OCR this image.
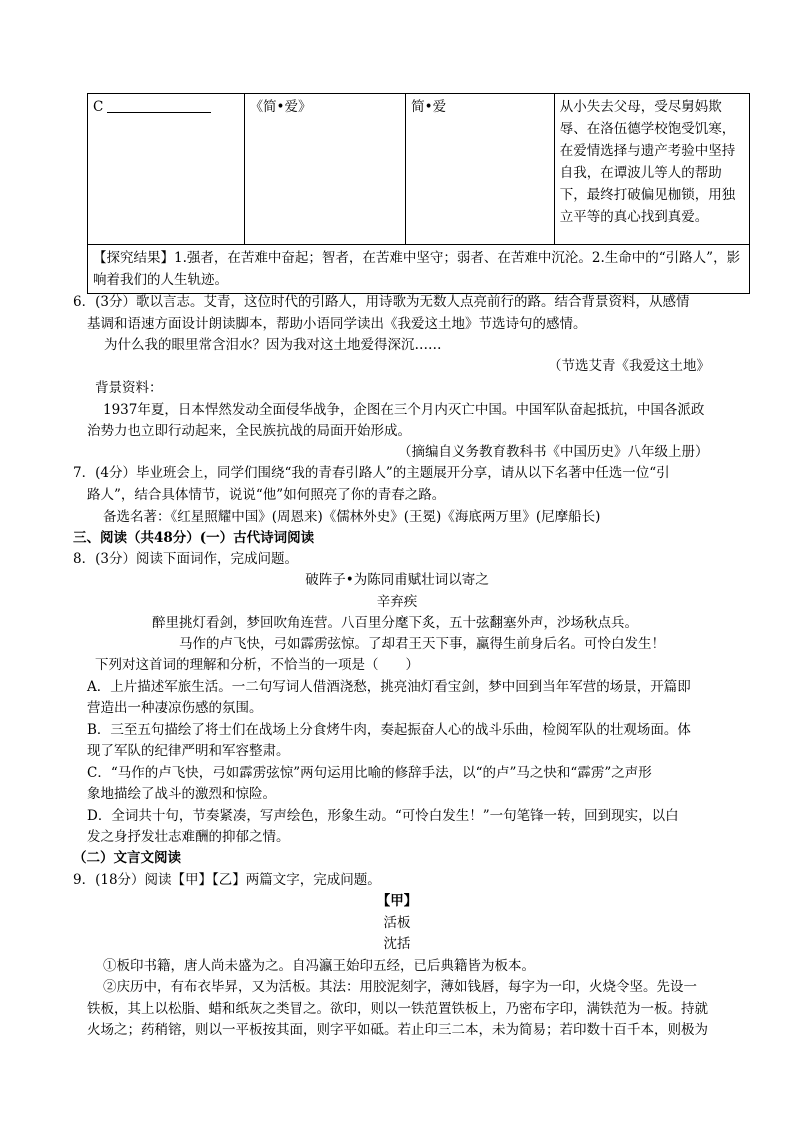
C	《简•爱》	简•爱	从小失去父母，受尽舅妈欺辱、在洛伍德学校饱受饥寒，在爱情选择与遗产考验中坚持自我，在谭波儿等人的帮助下，最终打破偏见枷锁，用独立平等的真心找到真爱。
【探究结果】1.强者，在苦难中奋起；智者，在苦难中坚守；弱者、在苦难中沉沦。2.生命中的“引路人”，影响着我们的人生轨迹。
6．(3分）歌以言志。艾青，这位时代的引路人，用诗歌为无数人点亮前行的路。结合背景资料，从感情
基调和语速方面设计朗读脚本，帮助小语同学读出《我爱这土地》节选诗句的感情。
为什么我的眼里常含泪水？因为我对这土地爱得深沉……
（节选艾青《我爱这土地》
背景资料：
1937年夏，日本悍然发动全面侵华战争，企图在三个月内灭亡中国。中国军队奋起抵抗，中国各派政
治势力也立即行动起来，全民族抗战的局面开始形成。
（摘编自义务教育教科书《中国历史》八年级上册）
7．(4分）毕业班会上，同学们围绕“我的青春引路人”的主题展开分享，请从以下名著中任选一位“引
路人”，结合具体情节，说说“他”如何照亮了你的青春之路。
备选名著：《红星照耀中国》(周恩来)《儒林外史》(王冕)《海底两万里》(尼摩船长)
三、阅读（共48分）(一）古代诗词阅读
8．(3分）阅读下面词作，完成问题。
破阵子•为陈同甫赋壮词以寄之
辛弃疾
醉里挑灯看剑，梦回吹角连营。八百里分麾下炙，五十弦翻塞外声，沙场秋点兵。
马作的卢飞快，弓如霹雳弦惊。了却君王天下事，赢得生前身后名。可怜白发生！
下列对这首词的理解和分析，不恰当的一项是（　　）
A．上片描述军旅生活。一二句写词人借酒浇愁，挑亮油灯看宝剑，梦中回到当年军营的场景，开篇即
营造出一种凄凉伤感的氛围。
B．三至五句描绘了将士们在战场上分食烤牛肉，奏起振奋人心的战斗乐曲，检阅军队的壮观场面。体
现了军队的纪律严明和军容整肃。
C．“马作的卢飞快，弓如霹雳弦惊”两句运用比喻的修辞手法，以“的卢”马之快和“霹雳”之声形
象地描绘了战斗的激烈和惊险。
D．全词共十句，节奏紧凑，写声绘色，形象生动。“可怜白发生！”一句笔锋一转，回到现实，以白
发之身抒发壮志难酬的抑郁之情。
（二）文言文阅读
9．(18分）阅读【甲】【乙】两篇文字，完成问题。
【甲】
活板
沈括
①板印书籍，唐人尚未盛为之。自冯瀛王始印五经，已后典籍皆为板本。
②庆历中，有布衣毕昇，又为活板。其法：用胶泥刻字，薄如钱唇，每字为一印，火烧令坚。先设一
铁板，其上以松脂、蜡和纸灰之类冒之。欲印，则以一铁范置铁板上，乃密布字印，满铁范为一板。持就
火场之；药稍镕，则以一平板按其面，则字平如砥。若止印三二本，未为简易；若印数十百千本，则极为
